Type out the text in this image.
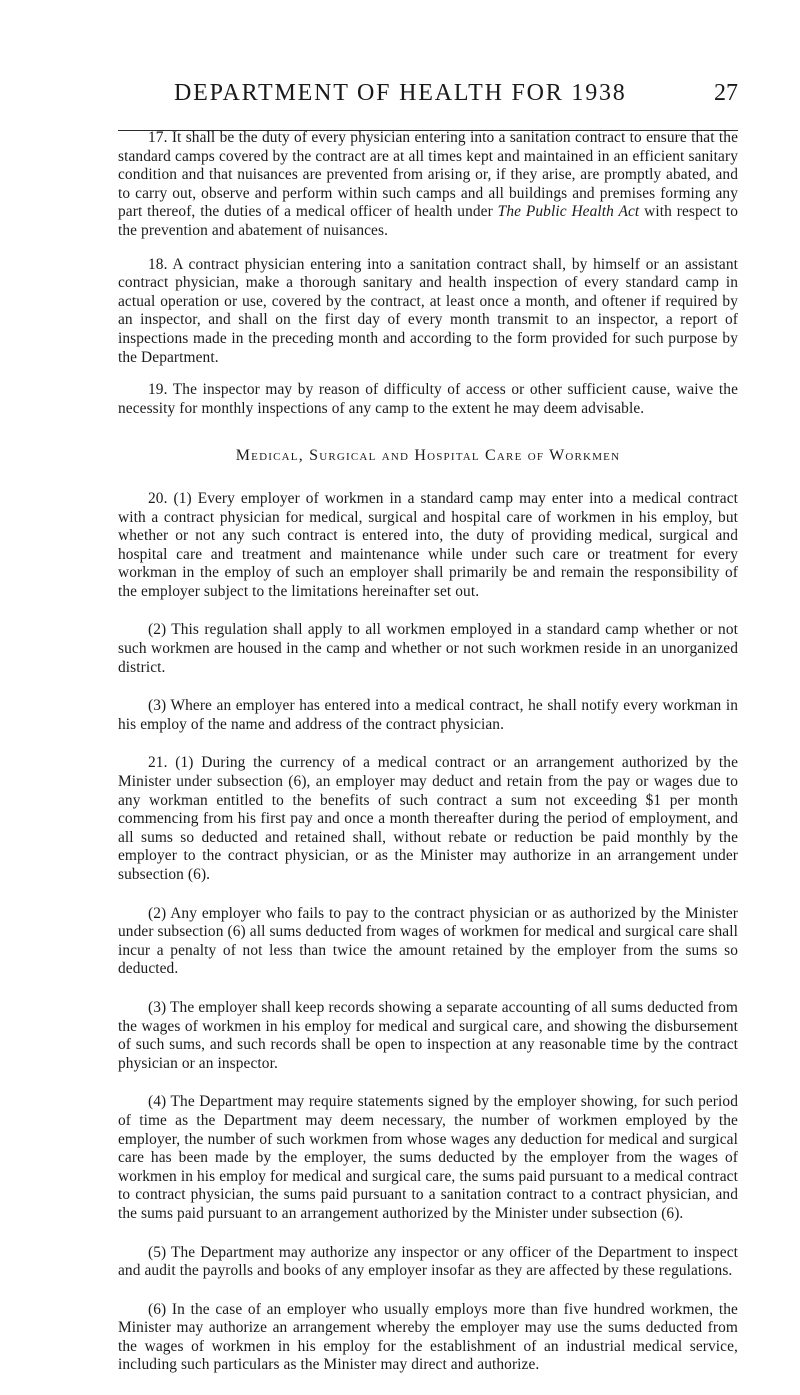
DEPARTMENT OF HEALTH FOR 1938	27

17. It shall be the duty of every physician entering into a sanitation contract to ensure that the standard camps covered by the contract are at all times kept and maintained in an efficient sanitary condition and that nuisances are prevented from arising or, if they arise, are promptly abated, and to carry out, observe and perform within such camps and all buildings and premises forming any part thereof, the duties of a medical officer of health under The Public Health Act with respect to the prevention and abatement of nuisances.

18. A contract physician entering into a sanitation contract shall, by himself or an assistant contract physician, make a thorough sanitary and health inspection of every standard camp in actual operation or use, covered by the contract, at least once a month, and oftener if required by an inspector, and shall on the first day of every month transmit to an inspector, a report of inspections made in the preceding month and according to the form provided for such purpose by the Department.

19. The inspector may by reason of difficulty of access or other sufficient cause, waive the necessity for monthly inspections of any camp to the extent he may deem advisable.

Medical, Surgical and Hospital Care of Workmen

20. (1) Every employer of workmen in a standard camp may enter into a medical contract with a contract physician for medical, surgical and hospital care of workmen in his employ, but whether or not any such contract is entered into, the duty of providing medical, surgical and hospital care and treatment and maintenance while under such care or treatment for every workman in the employ of such an employer shall primarily be and remain the responsibility of the employer subject to the limitations hereinafter set out.

(2) This regulation shall apply to all workmen employed in a standard camp whether or not such workmen are housed in the camp and whether or not such workmen reside in an unorganized district.

(3) Where an employer has entered into a medical contract, he shall notify every workman in his employ of the name and address of the contract physician.

21. (1) During the currency of a medical contract or an arrangement authorized by the Minister under subsection (6), an employer may deduct and retain from the pay or wages due to any workman entitled to the benefits of such contract a sum not exceeding $1 per month commencing from his first pay and once a month thereafter during the period of employment, and all sums so deducted and retained shall, without rebate or reduction be paid monthly by the employer to the contract physician, or as the Minister may authorize in an arrangement under subsection (6).

(2) Any employer who fails to pay to the contract physician or as authorized by the Minister under subsection (6) all sums deducted from wages of workmen for medical and surgical care shall incur a penalty of not less than twice the amount retained by the employer from the sums so deducted.

(3) The employer shall keep records showing a separate accounting of all sums deducted from the wages of workmen in his employ for medical and surgical care, and showing the disbursement of such sums, and such records shall be open to inspection at any reasonable time by the contract physician or an inspector.

(4) The Department may require statements signed by the employer showing, for such period of time as the Department may deem necessary, the number of workmen employed by the employer, the number of such workmen from whose wages any deduction for medical and surgical care has been made by the employer, the sums deducted by the employer from the wages of workmen in his employ for medical and surgical care, the sums paid pursuant to a medical contract to contract physician, the sums paid pursuant to a sanitation contract to a contract physician, and the sums paid pursuant to an arrangement authorized by the Minister under subsection (6).

(5) The Department may authorize any inspector or any officer of the Department to inspect and audit the payrolls and books of any employer insofar as they are affected by these regulations.

(6) In the case of an employer who usually employs more than five hundred workmen, the Minister may authorize an arrangement whereby the employer may use the sums deducted from the wages of workmen in his employ for the establishment of an industrial medical service, including such particulars as the Minister may direct and authorize.
